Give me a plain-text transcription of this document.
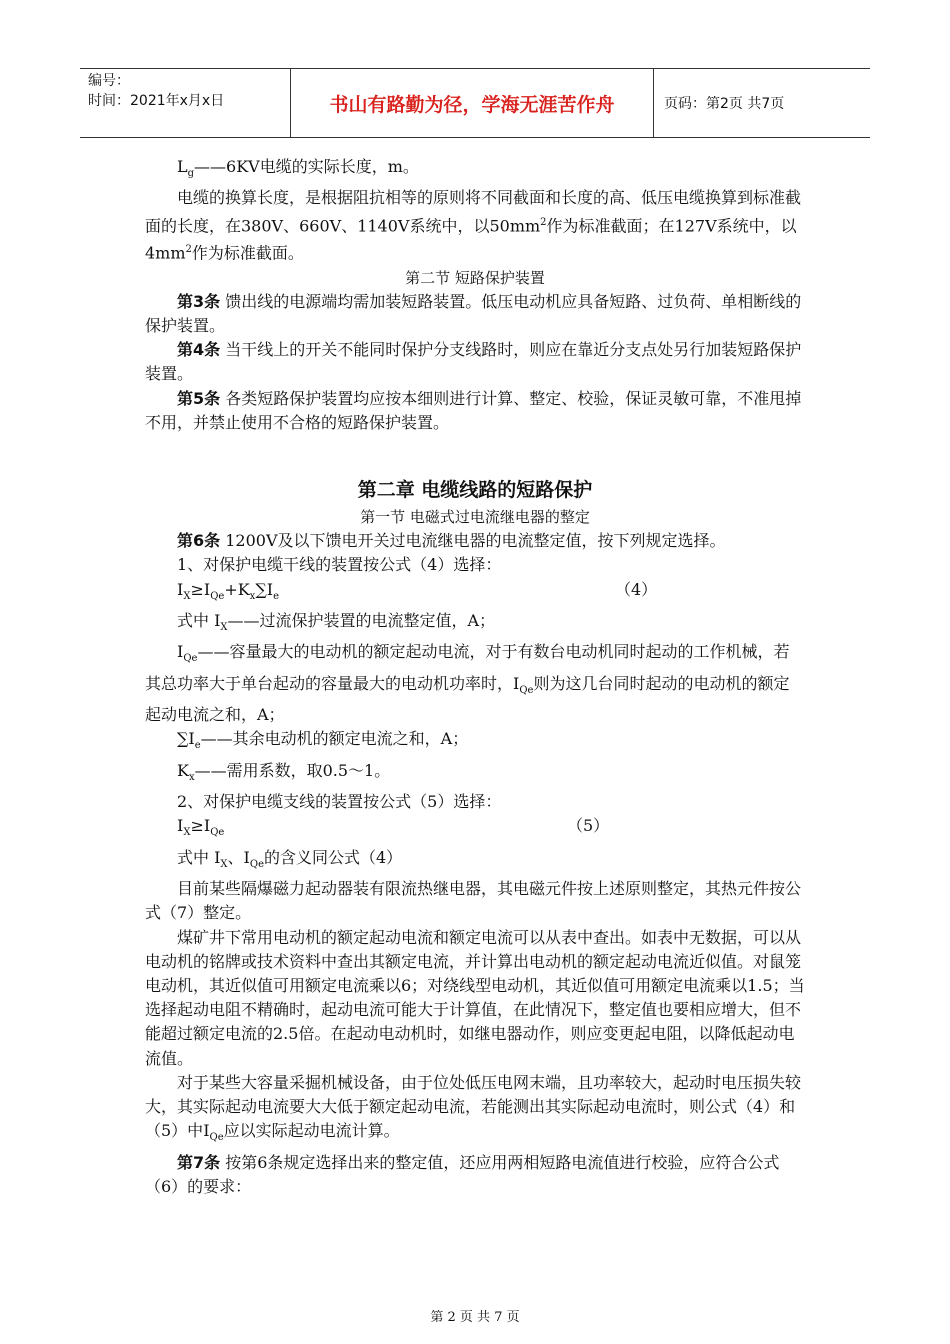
编号：
时间：2021年x月x日	书山有路勤为径，学海无涯苦作舟	页码：第2页 共7页

$L_g——6KV$电缆的实际长度，m。

电缆的换算长度，是根据阻抗相等的原则将不同截面和长度的高、低压电缆换算到标准截面的长度，在380V、660V、1140V系统中，以$50mm^2$作为标准截面；在127V系统中，以$4mm^2$作为标准截面。

第二节 短路保护装置

第3条 馈出线的电源端均需加装短路装置。低压电动机应具备短路、过负荷、单相断线的保护装置。

第4条 当干线上的开关不能同时保护分支线路时，则应在靠近分支点处另行加装短路保护装置。

第5条 各类短路保护装置均应按本细则进行计算、整定、校验，保证灵敏可靠，不准甩掉不用，并禁止使用不合格的短路保护装置。

第二章 电缆线路的短路保护

第一节 电磁式过电流继电器的整定

第6条 1200V及以下馈电开关过电流继电器的电流整定值，按下列规定选择。

1、对保护电缆干线的装置按公式（4）选择：

$I_X\ge I_{Qe}+K_x\sum I_e$	（4）

式中 $I_X——$过流保护装置的电流整定值，A；

$I_{Qe}——$容量最大的电动机的额定起动电流，对于有数台电动机同时起动的工作机械，若其总功率大于单台起动的容量最大的电动机功率时，$I_{Qe}$则为这几台同时起动的电动机的额定起动电流之和，A；

$\sum I_e——$其余电动机的额定电流之和，A；

$K_x——$需用系数，取0.5～1。

2、对保护电缆支线的装置按公式（5）选择：

$I_X\ge I_{Qe}$	（5）

式中 $I_X$、$I_{Qe}$的含义同公式（4）

目前某些隔爆磁力起动器装有限流热继电器，其电磁元件按上述原则整定，其热元件按公式（7）整定。

煤矿井下常用电动机的额定起动电流和额定电流可以从表中查出。如表中无数据，可以从电动机的铭牌或技术资料中查出其额定电流，并计算出电动机的额定起动电流近似值。对鼠笼电动机，其近似值可用额定电流乘以6；对绕线型电动机，其近似值可用额定电流乘以1.5；当选择起动电阻不精确时，起动电流可能大于计算值，在此情况下，整定值也要相应增大，但不能超过额定电流的2.5倍。在起动电动机时，如继电器动作，则应变更起电阻，以降低起动电流值。

对于某些大容量采掘机械设备，由于位处低压电网末端，且功率较大，起动时电压损失较大，其实际起动电流要大大低于额定起动电流，若能测出其实际起动电流时，则公式（4）和（5）中$I_{Qe}$应以实际起动电流计算。

第7条 按第6条规定选择出来的整定值，还应用两相短路电流值进行校验，应符合公式（6）的要求：

第 2 页 共 7 页
